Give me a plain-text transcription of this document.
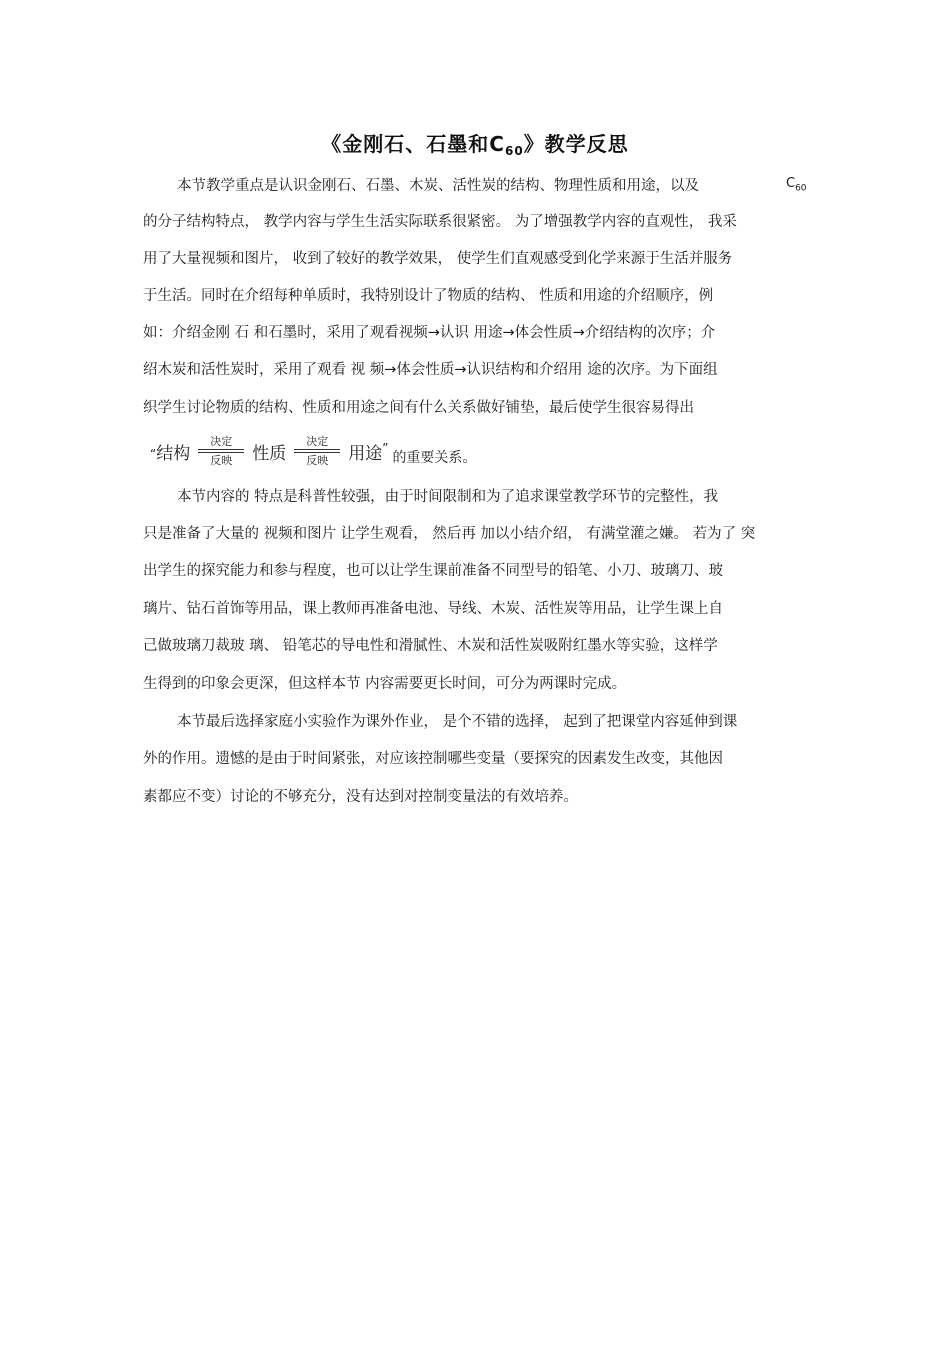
《金刚石、石墨和$C_{60}$》教学反思
本节教学重点是认识金刚石、石墨、木炭、活性炭的结构、物理性质和用途，以及	$C_{60}$
的分子结构特点， 教学内容与学生生活实际联系很紧密。 为了增强教学内容的直观性， 我采
用了大量视频和图片， 收到了较好的教学效果， 使学生们直观感受到化学来源于生活并服务
于生活。同时在介绍每种单质时，我特别设计了物质的结构、 性质和用途的介绍顺序，例
如：介绍金刚 石 和石墨时，采用了观看视频→认识 用途→体会性质→介绍结构的次序；介
绍木炭和活性炭时，采用了观看 视 频→体会性质→认识结构和介绍用 途的次序。为下面组
织学生讨论物质的结构、性质和用途之间有什么关系做好铺垫，最后使学生很容易得出
“ 结构
决定
反映 性质
决定
反映 用途 ”
的重要关系。
本节内容的 特点是科普性较强，由于时间限制和为了追求课堂教学环节的完整性，我
只是准备了大量的 视频和图片 让学生观看， 然后再 加以小结介绍， 有满堂灌之嫌。 若为了 突
出学生的探究能力和参与程度，也可以让学生课前准备不同型号的铅笔、小刀、玻璃刀、玻
璃片、钻石首饰等用品，课上教师再准备电池、导线、木炭、活性炭等用品，让学生课上自
己做玻璃刀裁玻 璃、 铅笔芯的导电性和滑腻性、木炭和活性炭吸附红墨水等实验，这样学
生得到的印象会更深，但这样本节 内容需要更长时间，可分为两课时完成。
本节最后选择家庭小实验作为课外作业， 是个不错的选择， 起到了把课堂内容延伸到课
外的作用。遗憾的是由于时间紧张，对应该控制哪些变量（要探究的因素发生改变，其他因
素都应不变）讨论的不够充分，没有达到对控制变量法的有效培养。
